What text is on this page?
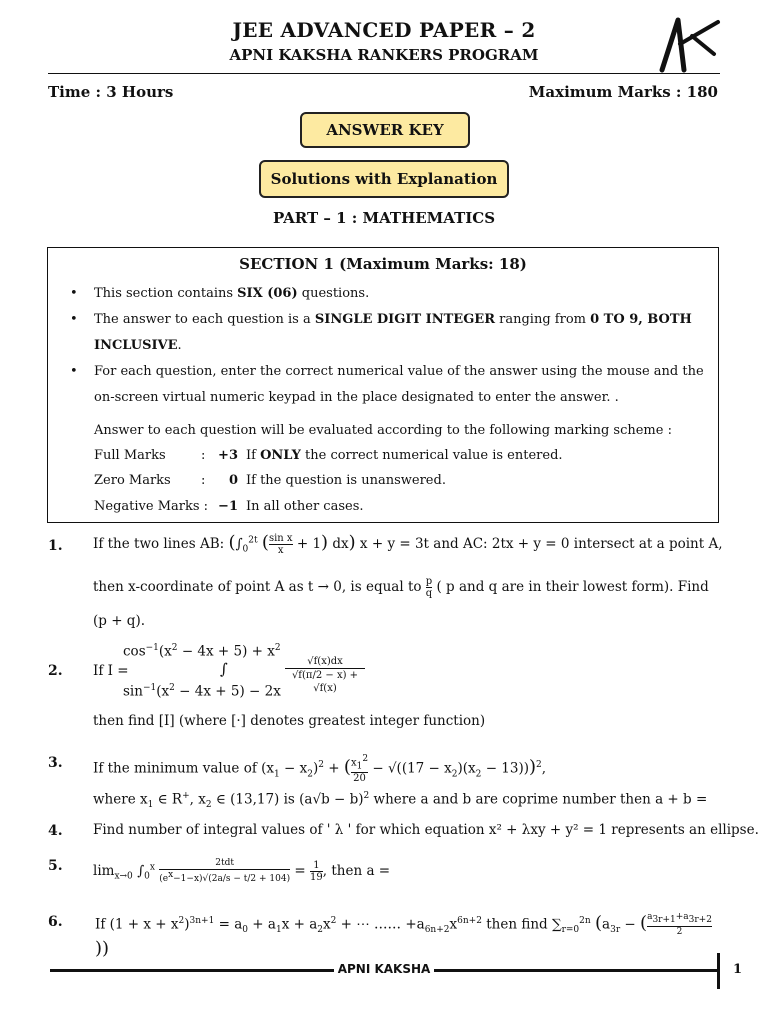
JEE ADVANCED PAPER – 2
APNI KAKSHA RANKERS PROGRAM
Time : 3 Hours	Maximum Marks : 180
ANSWER KEY
Solutions with Explanation
PART – 1 : MATHEMATICS
SECTION 1 (Maximum Marks: 18)
• This section contains SIX (06) questions.
• The answer to each question is a SINGLE DIGIT INTEGER ranging from 0 TO 9, BOTH INCLUSIVE.
• For each question, enter the correct numerical value of the answer using the mouse and the on-screen virtual numeric keypad in the place designated to enter the answer. .
Answer to each question will be evaluated according to the following marking scheme :
Full Marks	: +3 If ONLY the correct numerical value is entered.
Zero Marks :	0 If the question is unanswered.
Negative Marks : −1 In all other cases.
1. If the two lines AB: ($\int_0^{2t}$ ( $\frac{\text{sin x}}{x} + 1$) dx) x + y = 3t and AC: 2tx + y = 0 intersect at a point A,
then x-coordinate of point A as t → 0, is equal to $\frac{p}{q}$ ( p and q are in their lowest form). Find
(p + q).
2. If I =
$\cos^{-1}(x^2 - 4x + 5) + x^2$
∫
$\sin^{-1}(x^2 - 4x + 5) - 2x$
√f(x)dx
√f(π/2 − x) + √f(x)
then find [I] (where [·] denotes greatest integer function)
3. If the minimum value of $(x_1 - x_2)^2$ + ( $\frac{x_1^2}{20} - √((17 - x_2)(x_2 - 13)))^2$,
where $x_1$ ∈ R+, $x_2$ ∈ (13,17) is $(a√b - b)^2$ where a and b are coprime number then a + b =
4. Find number of integral values of ' λ ' for which equation x² + λxy + y² = 1 represents an ellipse.
5. $\lim_{x\to 0} \int_0^x$	2tdt
$(e^x-1-x)√(2a/s - t/2 + 104) = \frac{1}{19}$ , then a =
6. If $(1 + x + x^2)^{3n+1} = a_0 + a_1x + a_2x^2$ + ⋯ …… $+a_{6n+2}x^{6n+2}$ then find $\sum_{r=0}^{2n}$ ($a_{3r}$ − ( $\frac{a_{3r+1}+a_{3r+2}}{2}$
))
APNI KAKSHA	1
